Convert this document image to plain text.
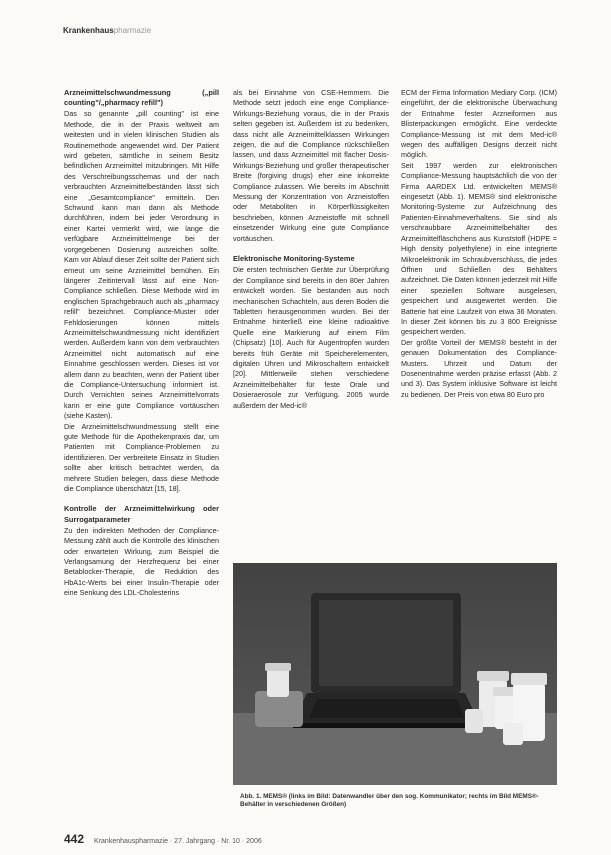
Krankenhauspharmazie
Arzneimittelschwundmessung („pill counting"/„pharmacy refill")

Das so genannte „pill counting" ist eine Methode, die in der Praxis weltweit am weitesten und in vielen klinischen Studien als Routinemethode angewendet wird. Der Patient wird gebeten, sämtliche in seinem Besitz befindlichen Arzneimittel mitzubringen. Mit Hilfe des Verschreibungsschemas und der nach verbrauchten Arzneimittelbeständen lässt sich eine „Gesamtcompliance" ermitteln. Den Schwund kann man dann als Methode durchführen, indem bei jeder Verordnung in einer Kartei vermerkt wird, wie lange die verfügbare Arzneimittelmenge bei der vorgegebenen Dosierung ausreichen sollte. Kam vor Ablauf dieser Zeit sollte der Patient sich erneut um seine Arzneimittel bemühen. Ein längerer Zeitintervall lässt auf eine Non-Compliance schließen. Diese Methode wird im englischen Sprachgebrauch auch als „pharmacy refill" bezeichnet. Compliance-Muster oder Fehldosierungen können mittels Arzneimittelschwundmessung nicht identifiziert werden. Außerdem kann von dem verbrauchten Arzneimittel nicht automatisch auf eine Einnahme geschlossen werden. Dieses ist vor allem dann zu beachten, wenn der Patient über die Compliance-Untersuchung informiert ist. Durch Vernichten seines Arzneimittelvorrats kann er eine gute Compliance vortäuschen (siehe Kasten).

Die Arzneimittelschwundmessung stellt eine gute Methode für die Apothekenpraxis dar, um Patienten mit Compliance-Problemen zu identifizieren. Der verbreitete Einsatz in Studien sollte aber kritisch betrachtet werden, da mehrere Studien belegen, dass diese Methode die Compliance überschätzt [15, 18].

Kontrolle der Arzneimittelwirkung oder Surrogatparameter

Zu den indirekten Methoden der Compliance-Messung zählt auch die Kontrolle des klinischen oder erwarteten Wirkung, zum Beispiel die Verlangsamung der Herzfrequenz bei einer Betablocker-Therapie, die Reduktion des HbA1c-Werts bei einer Insulin-Therapie oder eine Senkung des LDL-Cholesterins

als bei Einnahme von CSE-Hemmern. Die Methode setzt jedoch eine enge Compliance-Wirkungs-Beziehung voraus, die in der Praxis selten gegeben ist. Außerdem ist zu bedenken, dass nicht alle Arzneimittelklassen Wirkungen zeigen, die auf die Compliance rückschließen lassen, und dass Arzneimittel mit flacher Dosis-Wirkungs-Beziehung und großer therapeutischer Breite (forgiving drugs) eher eine inkorrekte Compliance zulassen. Wie bereits im Abschnitt Messung der Konzentration von Arzneistoffen oder Metaboliten in Körperflüssigkeiten beschrieben, können Arzneistoffe mit schnell einsetzender Wirkung eine gute Compliance vortäuschen.

Elektronische Monitoring-Systeme

Die ersten technischen Geräte zur Überprüfung der Compliance sind bereits in den 80er Jahren entwickelt worden. Sie bestanden aus noch mechanischen Schachteln, aus deren Boden die Tabletten herausgenommen wurden. Bei der Entnahme hinterließ eine kleine radioaktive Quelle eine Markierung auf einem Film (Chipsatz) [10]. Auch für Augentropfen wurden bereits früh Geräte mit Speicherelementen, digitalen Uhren und Mikroschaltern entwickelt [20]. Mittlerweile stehen verschiedene Arzneimittelbehälter für feste Orale und Dosieraerosole zur Verfügung. 2005 wurde außerdem der Med-ic®

ECM der Firma Information Mediary Corp. (ICM) eingeführt, der die elektronische Überwachung der Entnahme fester Arzneiformen aus Blisterpackungen ermöglicht. Eine verdeckte Compliance-Messung ist mit dem Med-ic® wegen des auffälligen Designs derzeit nicht möglich.

Seit 1997 werden zur elektronischen Compliance-Messung hauptsächlich die von der Firma AARDEX Ltd. entwickelten MEMS® eingesetzt (Abb. 1). MEMS® sind elektronische Monitoring-Systeme zur Aufzeichnung des Patienten-Einnahmeverhaltens. Sie sind als verschraubbare Arzneimittelbehälter des Arzneimittelfläschchens aus Kunststoff (HDPE = High density polyethylene) in eine integrierte Mikroelektronik im Schraubverschluss, die jedes Öffnen und Schließen des Behälters aufzeichnet. Die Daten können jederzeit mit Hilfe einer speziellen Software ausgelesen, gespeichert und ausgewertet werden. Die Batterie hat eine Laufzeit von etwa 36 Monaten. In dieser Zeit können bis zu 3 800 Ereignisse gespeichert werden.

Der größte Vorteil der MEMS® besteht in der genauen Dokumentation des Compliance-Musters. Uhrzeit und Datum der Dosenentnahme werden präzise erfasst (Abb. 2 und 3). Das System inklusive Software ist leicht zu bedienen. Der Preis von etwa 80 Euro pro

Abb. 1. MEMS® (links im Bild: Datenwandler über den sog. Kommunikator; rechts im Bild MEMS®-Behälter in verschiedenen Größen)
442 Krankenhauspharmazie · 27. Jahrgang · Nr. 10 · 2006
